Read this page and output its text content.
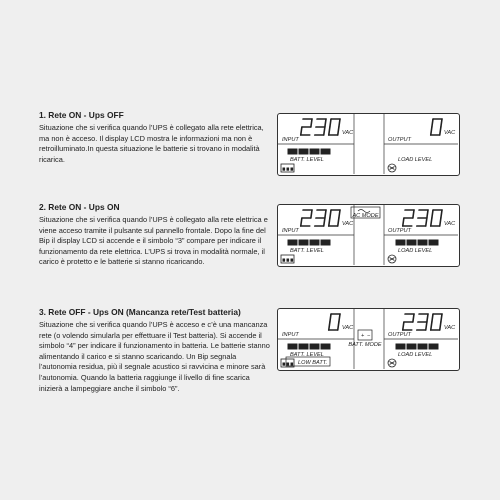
1. Rete ON - Ups OFF

Situazione che si verifica quando l’UPS è collegato alla rete elettrica, ma non è acceso. Il display LCD mostra le informazioni ma non è retroilluminato.In questa situazione le batterie si trovano in modalità ricarica.

VAC
INPUT
VAC
OUTPUT
BATT. LEVEL	LOAD LEVEL

2. Rete ON - Ups ON

Situazione che si verifica quando l’UPS è collegato alla rete elettrica e viene acceso tramite il pulsante sul pannello frontale. Dopo la fine del Bip il display LCD si accende e il simbolo “3” compare per indicare il funzionamento da rete elettrica. L’UPS si trova in modalità normale, il carico è protetto e le batterie si stanno ricaricando.

VAC
INPUT
VAC
OUTPUT
BATT. LEVEL	LOAD LEVEL
AC MODE

3. Rete OFF - Ups ON (Mancanza rete/Test batteria)

Situazione che si verifica quando l’UPS è acceso e c’è una mancanza rete (o volendo simularla per effettuare il Test batteria). Si accende il simbolo “4” per indicare il funzionamento in batteria. Le batterie stanno alimentando il carico e si stanno scaricando. Un Bip segnala l’autonomia residua, più il segnale acustico si ravvicina e minore sarà l’autonomia. Quando la batteria raggiunge il livello di fine scarica inizierà a lampeggiare anche il simbolo “6”.

VAC
INPUT
VAC
OUTPUT
BATT. LEVEL	LOAD LEVEL
+ −
BATT. MODE
LOW BATT.
